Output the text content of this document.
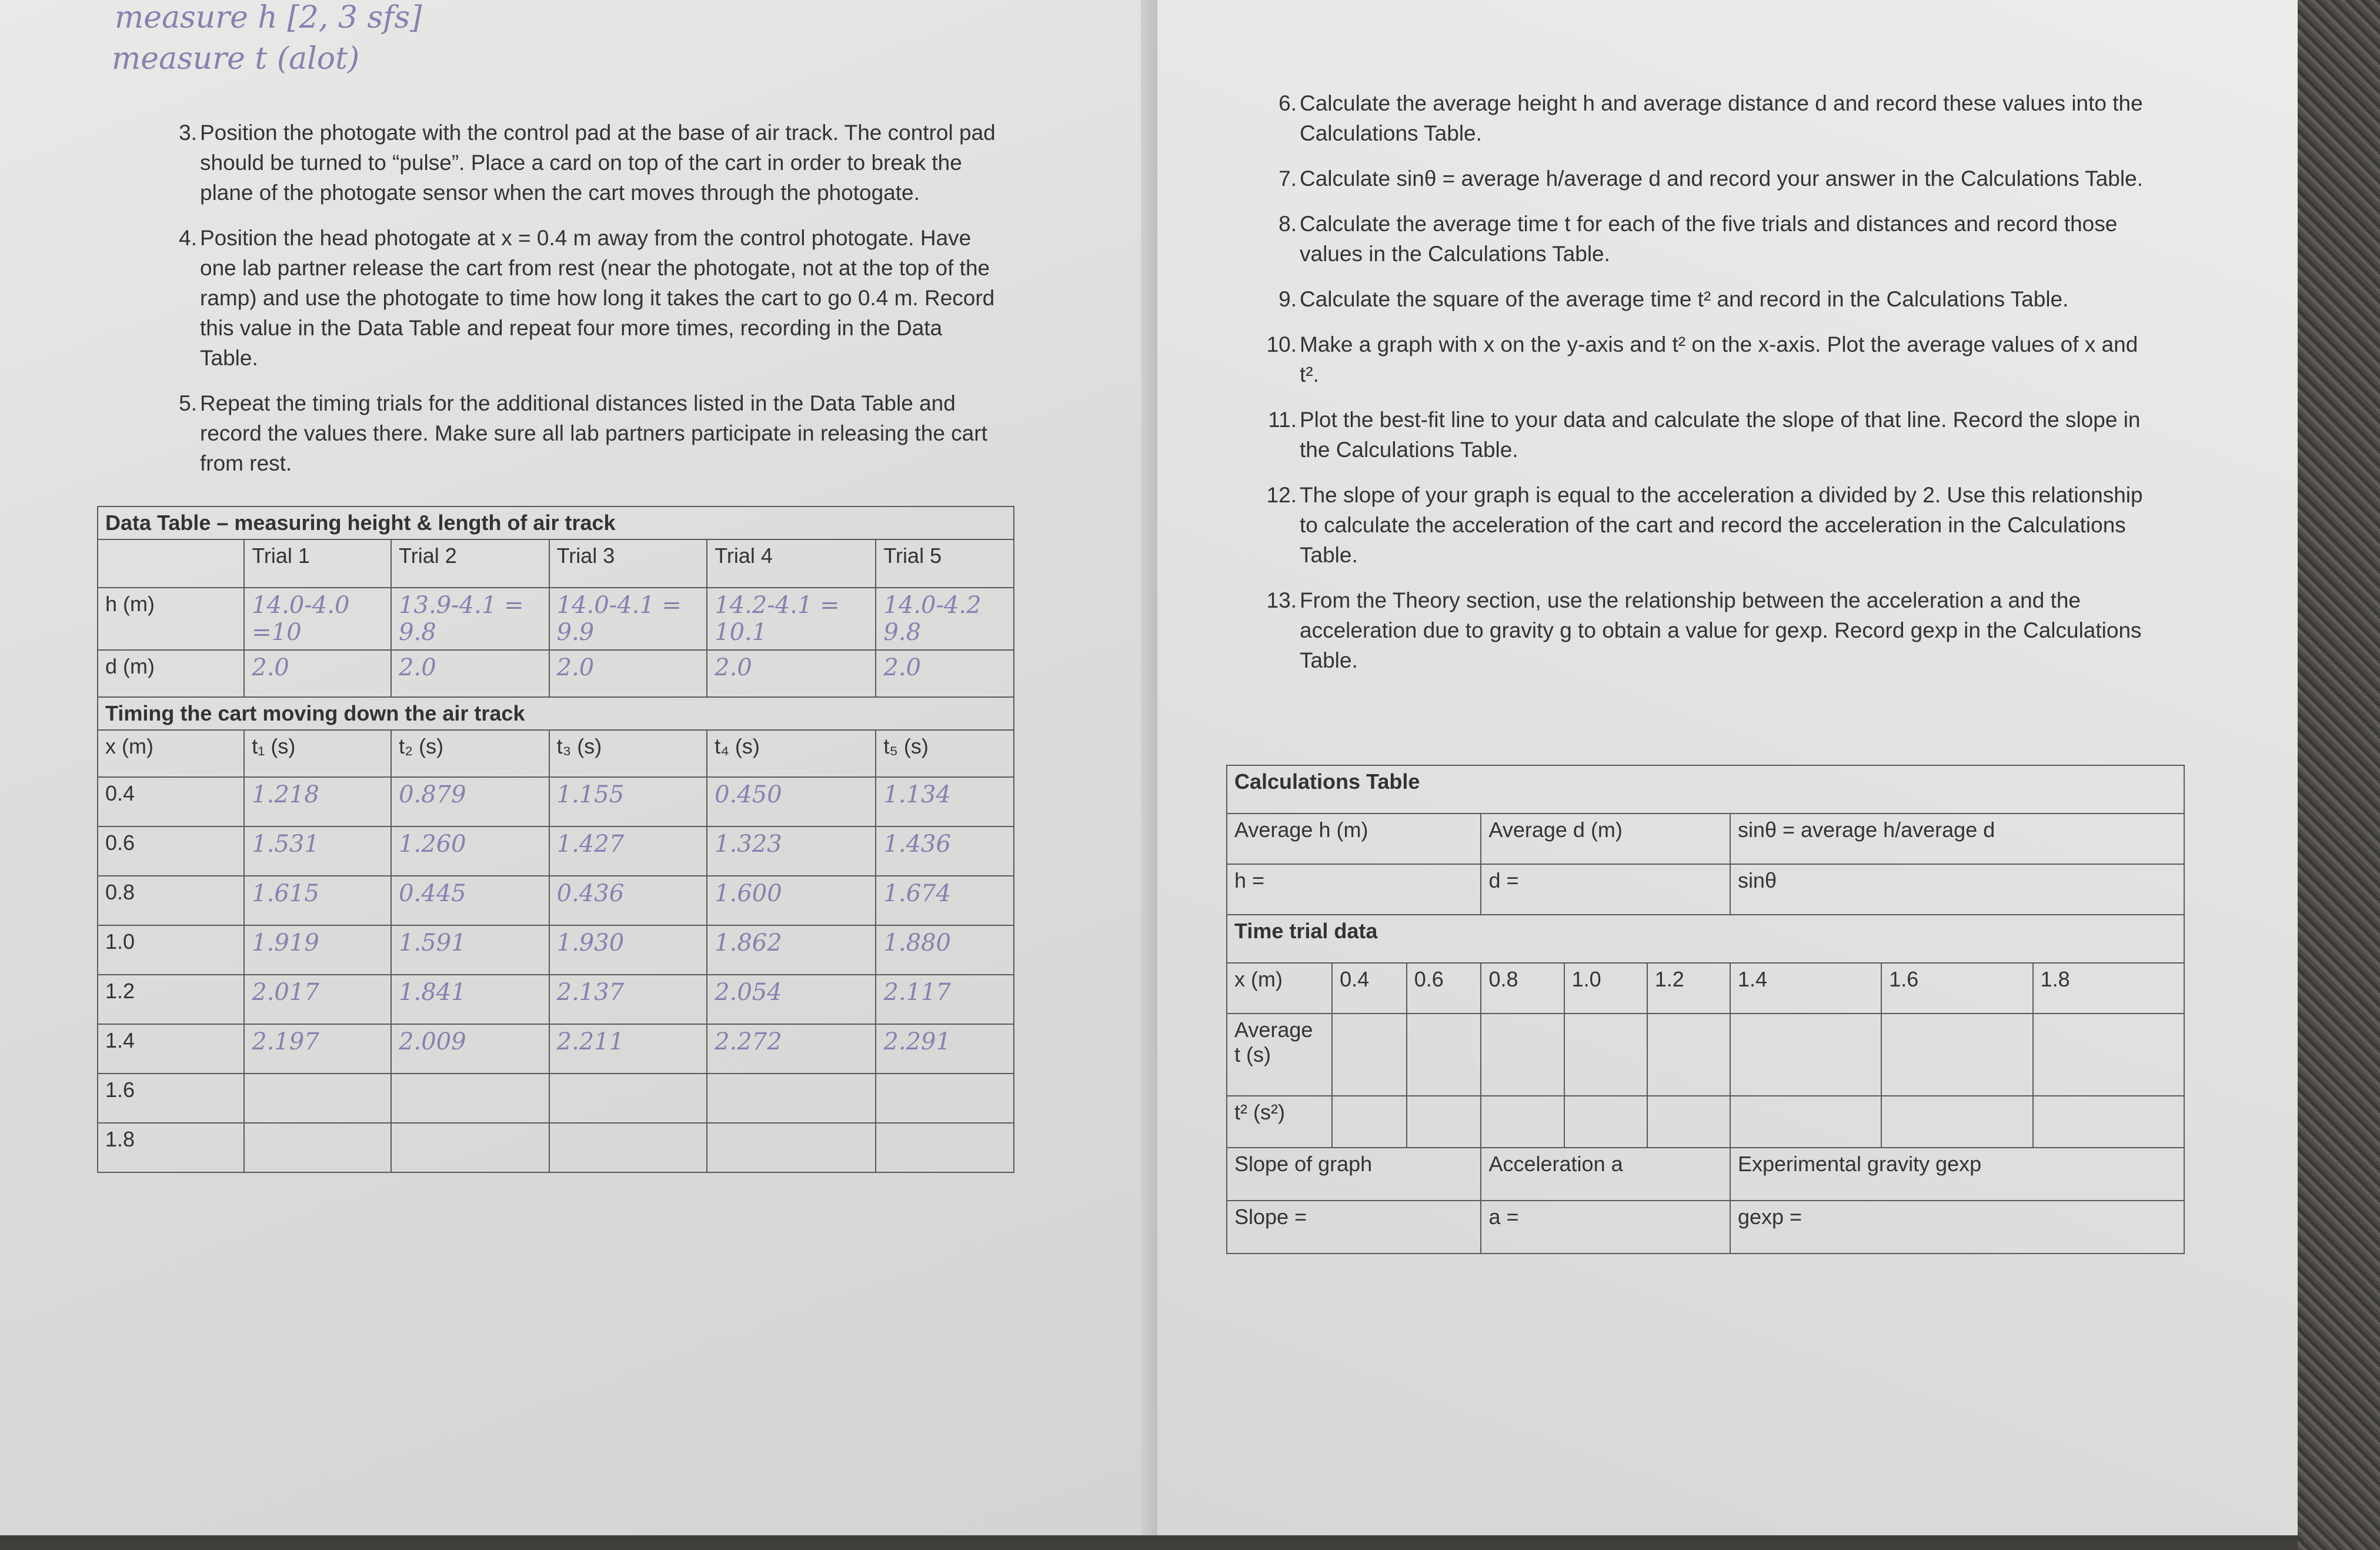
measure h [2, 3 sfs]
measure t (alot)
3. Position the photogate with the control pad at the base of air track. The control pad should be turned to “pulse”. Place a card on top of the cart in order to break the plane of the photogate sensor when the cart moves through the photogate.
4. Position the head photogate at x = 0.4 m away from the control photogate. Have one lab partner release the cart from rest (near the photogate, not at the top of the ramp) and use the photogate to time how long it takes the cart to go 0.4 m. Record this value in the Data Table and repeat four more times, recording in the Data Table.
5. Repeat the timing trials for the additional distances listed in the Data Table and record the values there. Make sure all lab partners participate in releasing the cart from rest.
Data Table – measuring height & length of air track					
	Trial 1	Trial 2	Trial 3	Trial 4	Trial 5
h (m)	14.0-4.0 =10	13.9-4.1 = 9.8	14.0-4.1 = 9.9	14.2-4.1 = 10.1	14.0-4.2 9.8
d (m)	2.0	2.0	2.0	2.0	2.0
Timing the cart moving down the air track					
x (m)	t₁ (s)	t₂ (s)	t₃ (s)	t₄ (s)	t₅ (s)
0.4	1.218	0.879	1.155	0.450	1.134
0.6	1.531	1.260	1.427	1.323	1.436
0.8	1.615	0.445	0.436	1.600	1.674
1.0	1.919	1.591	1.930	1.862	1.880
1.2	2.017	1.841	2.137	2.054	2.117
1.4	2.197	2.009	2.211	2.272	2.291
1.6					
1.8					
6. Calculate the average height h and average distance d and record these values into the Calculations Table.
7. Calculate sinθ = average h/average d and record your answer in the Calculations Table.
8. Calculate the average time t for each of the five trials and distances and record those values in the Calculations Table.
9. Calculate the square of the average time t² and record in the Calculations Table.
10. Make a graph with x on the y-axis and t² on the x-axis. Plot the average values of x and t².
11. Plot the best-fit line to your data and calculate the slope of that line. Record the slope in the Calculations Table.
12. The slope of your graph is equal to the acceleration a divided by 2. Use this relationship to calculate the acceleration of the cart and record the acceleration in the Calculations Table.
13. From the Theory section, use the relationship between the acceleration a and the acceleration due to gravity g to obtain a value for gexp. Record gexp in the Calculations Table.
Calculations Table								
Average h (m)			Average d (m)			sinθ = average h/average d		
h =			d =			sinθ		
Time trial data								
x (m)	0.4	0.6	0.8	1.0	1.2	1.4	1.6	1.8
Average t (s)								
t² (s²)								
Slope of graph			Acceleration a			Experimental gravity gexp		
Slope =			a =			gexp =		
